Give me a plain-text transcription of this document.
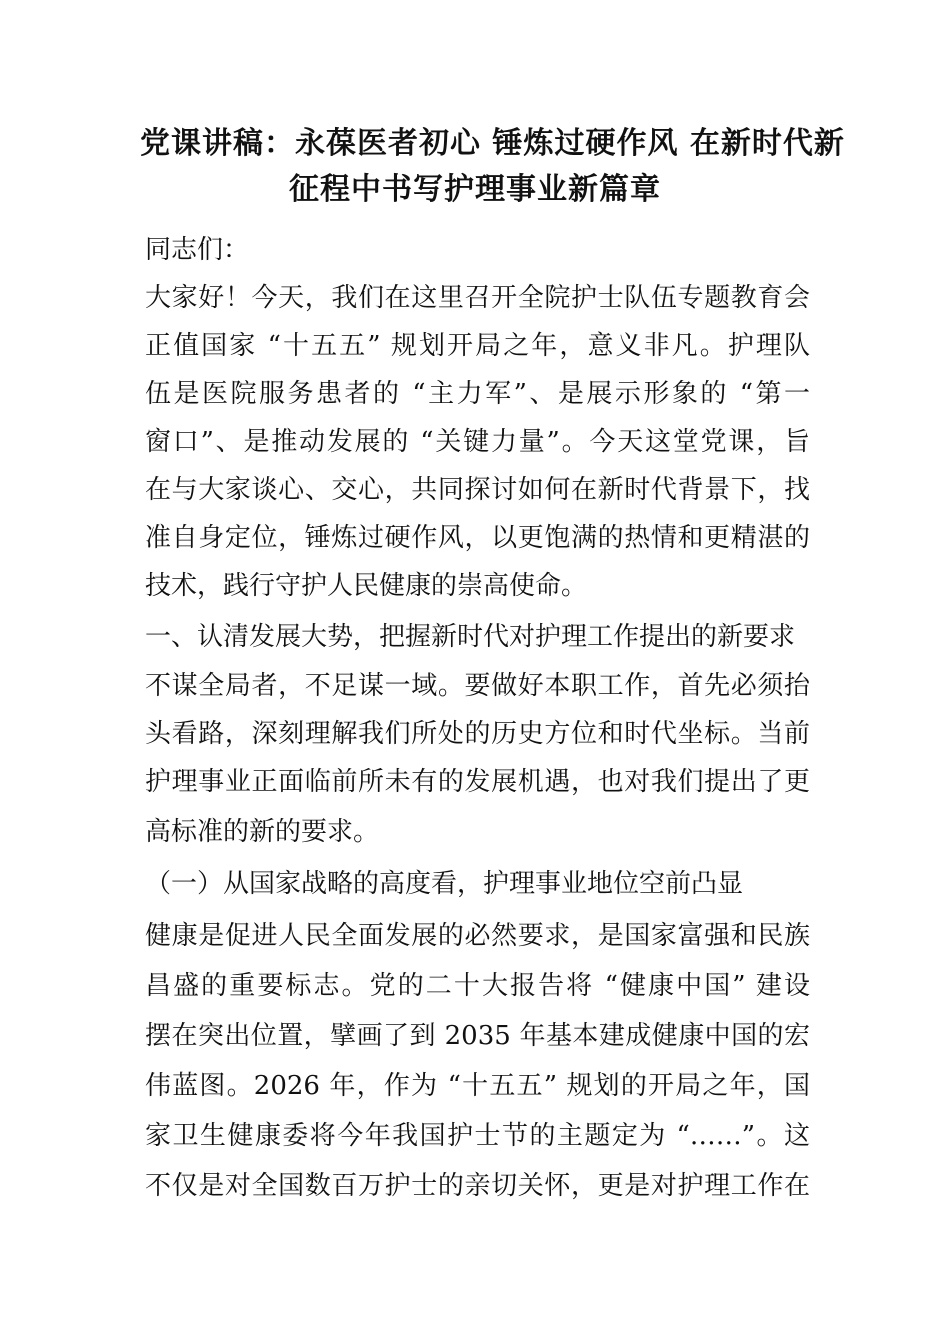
党课讲稿：永葆医者初心 锤炼过硬作风 在新时代新
征程中书写护理事业新篇章
同志们：
大家好！今天，我们在这里召开全院护士队伍专题教育会
正值国家 “十五五” 规划开局之年，意义非凡。护理队
伍是医院服务患者的 “主力军”、是展示形象的 “第一
窗口”、是推动发展的 “关键力量”。今天这堂党课，旨
在与大家谈心、交心，共同探讨如何在新时代背景下，找
准自身定位，锤炼过硬作风，以更饱满的热情和更精湛的
技术，践行守护人民健康的崇高使命。
一、认清发展大势，把握新时代对护理工作提出的新要求
不谋全局者，不足谋一域。要做好本职工作，首先必须抬
头看路，深刻理解我们所处的历史方位和时代坐标。当前
护理事业正面临前所未有的发展机遇，也对我们提出了更
高标准的新的要求。
（一）从国家战略的高度看，护理事业地位空前凸显
健康是促进人民全面发展的必然要求，是国家富强和民族
昌盛的重要标志。党的二十大报告将 “健康中国” 建设
摆在突出位置，擘画了到 2035 年基本建成健康中国的宏
伟蓝图。2026 年，作为 “十五五” 规划的开局之年，国
家卫生健康委将今年我国护士节的主题定为 “……”。这
不仅是对全国数百万护士的亲切关怀，更是对护理工作在
